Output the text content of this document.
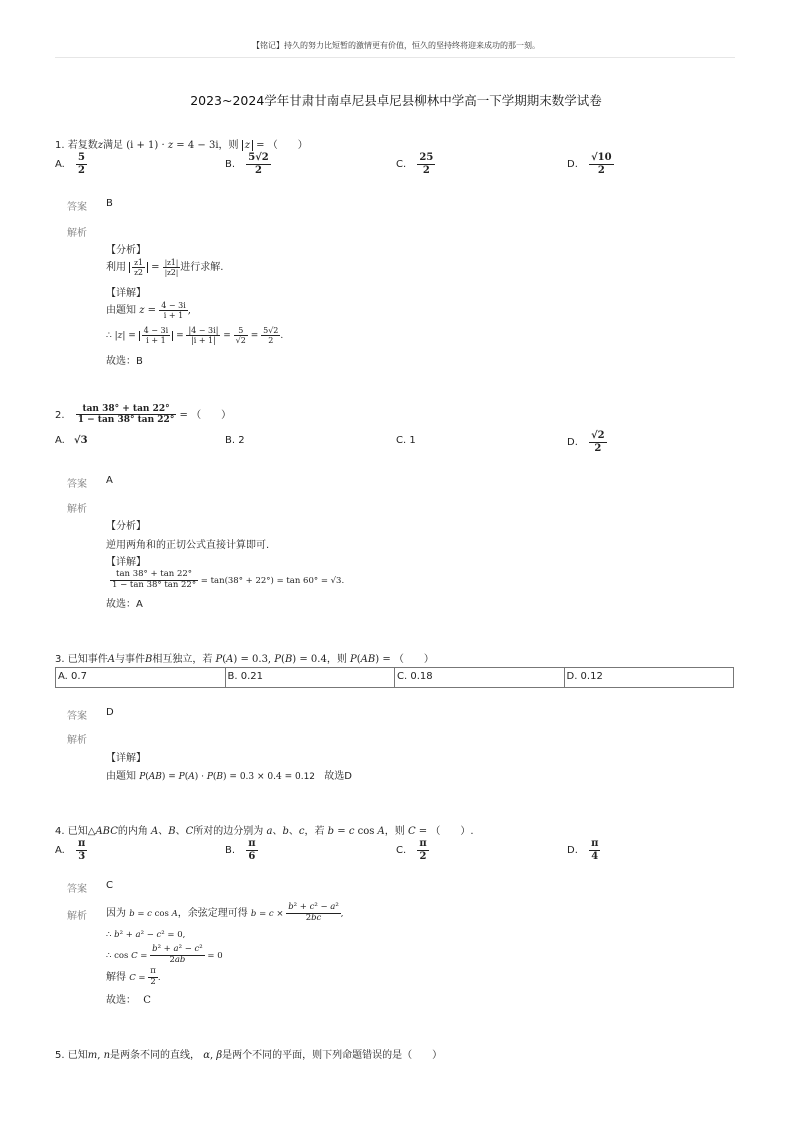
【铭记】持久的努力比短暂的激情更有价值，恒久的坚持终将迎来成功的那一刻。
2023~2024学年甘肃甘南卓尼县卓尼县柳林中学高一下学期期末数学试卷
1. 若复数z满足 (i + 1) · z = 4 − 3i，则 z = （　　）
A. $\frac{5}{2}$	B. $\frac{5√2}{2}$	C. $\frac{25}{2}$	D. $\frac{√10}{2}$
答案 B
解析
【分析】
利用 $\frac{z1}{z2} = \frac{|z1|}{|z2|}$ 进行求解.
【详解】
由题知 $z = \frac{4 - 3i}{i + 1}$ ,
∴ $|z| = \frac{4 - 3i}{i + 1} = \frac{|4 - 3i|}{|i + 1|} = \frac{5}{√2} = \frac{5√2}{2}$ .
故选：B
2. $\frac{\tan 38^\circ + \tan 22^\circ}{1 - \tan 38^\circ \tan 22^\circ}$ = （　　）
A. √3	B. 2	C. 1	D. $\frac{√2}{2}$
答案 A
解析
【分析】
逆用两角和的正切公式直接计算即可.
【详解】
$\frac{\tan 38^\circ + \tan 22^\circ}{1 - \tan 38^\circ \tan 22^\circ} = \tan(38^\circ + 22^\circ) = \tan 60^\circ = √3$.
故选：A
3. 已知事件A与事件B相互独立，若 P(A) = 0.3, P(B) = 0.4，则 P(AB) = （　　）
A. 0.7	B. 0.21	C. 0.18	D. 0.12
答案 D
解析
【详解】
由题知 P(AB) = P(A) · P(B) = 0.3 × 0.4 = 0.12 故选D
4. 已知△ABC的内角 A、B、C所对的边分别为 a、b、c，若 b = c cos A，则 C = （　　）.
A. $\frac{\pi}{3}$	B. $\frac{\pi}{6}$	C. $\frac{\pi}{2}$	D. $\frac{\pi}{4}$
答案 C
解析 因为 b = c cos A，余弦定理可得 $b = c \times \frac{\text{b² + c² − a²}}{2bc}$ ,
∴ b² + a² − c² = 0,
∴ $\cos C = \frac{\text{b² + a² − c²}}{2ab} = 0$
解得 $C = \frac{\pi}{2}$ .
故选： C
5. 已知m, n是两条不同的直线， α, β是两个不同的平面，则下列命题错误的是（　　）
